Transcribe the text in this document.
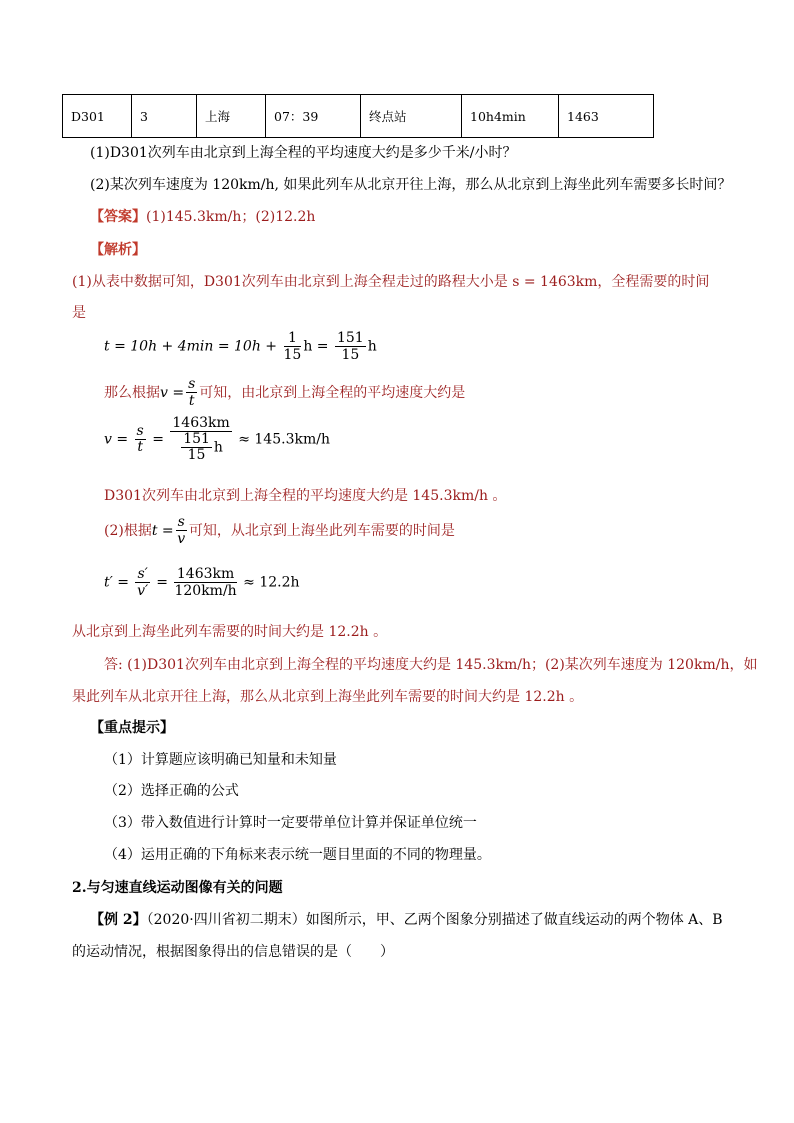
D301	3	上海	07：39	终点站	10h4min	1463
(1)D301次列车由北京到上海全程的平均速度大约是多少千米/小时？
(2)某次列车速度为 120km/h, 如果此列车从北京开往上海，那么从北京到上海坐此列车需要多长时间？
【答案】(1)145.3km/h；(2)12.2h
【解析】
(1)从表中数据可知，D301次列车由北京到上海全程走过的路程大小是 s = 1463km，全程需要的时间
是
$t = 10h + 4\min = 10h + \frac{1}{15}$ $h = \frac{151}{15}$ h
那么根据$v = \frac{s}{t}$ 可知，由北京到上海全程的平均速度大约是
$v = \frac{s}{t} = \frac{1463km}{\frac{151}{15} h} \approx 145.3km/h$
D301次列车由北京到上海全程的平均速度大约是 145.3km/h 。
(2)根据$t = \frac{s}{v}$ 可知，从北京到上海坐此列车需要的时间是
$t' = \frac{s'}{v'} = \frac{1463km}{120km/h} \approx 12.2h$
从北京到上海坐此列车需要的时间大约是 12.2h 。
答: (1)D301次列车由北京到上海全程的平均速度大约是 145.3km/h；(2)某次列车速度为 120km/h，如
果此列车从北京开往上海，那么从北京到上海坐此列车需要的时间大约是 12.2h 。
【重点提示】
（1）计算题应该明确已知量和未知量
（2）选择正确的公式
（3）带入数值进行计算时一定要带单位计算并保证单位统一
（4）运用正确的下角标来表示统一题目里面的不同的物理量。
2.与匀速直线运动图像有关的问题
【例 2】（2020·四川省初二期末）如图所示，甲、乙两个图象分别描述了做直线运动的两个物体 A、B
的运动情况，根据图象得出的信息错误的是（　　）
